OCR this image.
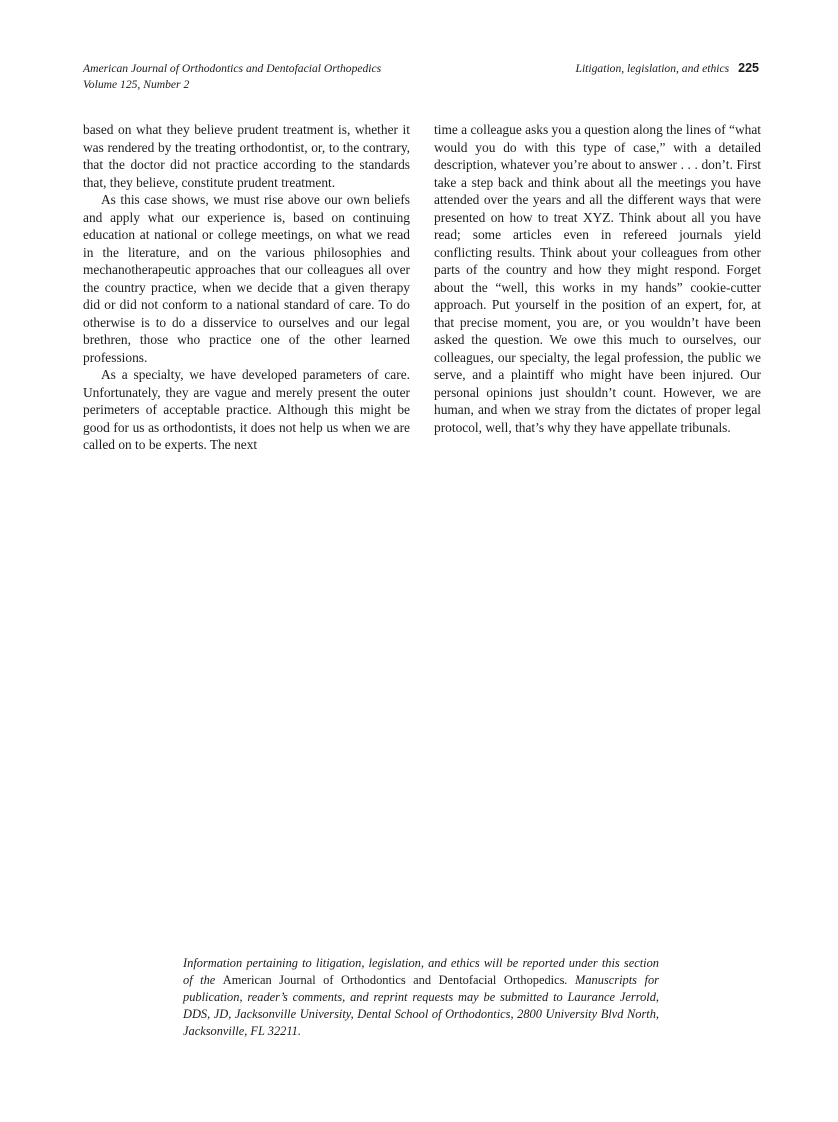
American Journal of Orthodontics and Dentofacial Orthopedics
Volume 125, Number 2
Litigation, legislation, and ethics 225

based on what they believe prudent treatment is, whether it was rendered by the treating orthodontist, or, to the contrary, that the doctor did not practice according to the standards that, they believe, constitute prudent treatment.

As this case shows, we must rise above our own beliefs and apply what our experience is, based on continuing education at national or college meetings, on what we read in the literature, and on the various philosophies and mechanotherapeutic approaches that our colleagues all over the country practice, when we decide that a given therapy did or did not conform to a national standard of care. To do otherwise is to do a disservice to ourselves and our legal brethren, those who practice one of the other learned professions.

As a specialty, we have developed parameters of care. Unfortunately, they are vague and merely present the outer perimeters of acceptable practice. Although this might be good for us as orthodontists, it does not help us when we are called on to be experts. The next

time a colleague asks you a question along the lines of “what would you do with this type of case,” with a detailed description, whatever you’re about to answer . . . don’t. First take a step back and think about all the meetings you have attended over the years and all the different ways that were presented on how to treat XYZ. Think about all you have read; some articles even in refereed journals yield conflicting results. Think about your colleagues from other parts of the country and how they might respond. Forget about the “well, this works in my hands” cookie-cutter approach. Put yourself in the position of an expert, for, at that precise moment, you are, or you wouldn’t have been asked the question. We owe this much to ourselves, our colleagues, our specialty, the legal profession, the public we serve, and a plaintiff who might have been injured. Our personal opinions just shouldn’t count. However, we are human, and when we stray from the dictates of proper legal protocol, well, that’s why they have appellate tribunals.

Information pertaining to litigation, legislation, and ethics will be reported under this section of the American Journal of Orthodontics and Dentofacial Orthopedics. Manuscripts for publication, reader’s comments, and reprint requests may be submitted to Laurance Jerrold, DDS, JD, Jacksonville University, Dental School of Orthodontics, 2800 University Blvd North, Jacksonville, FL 32211.
